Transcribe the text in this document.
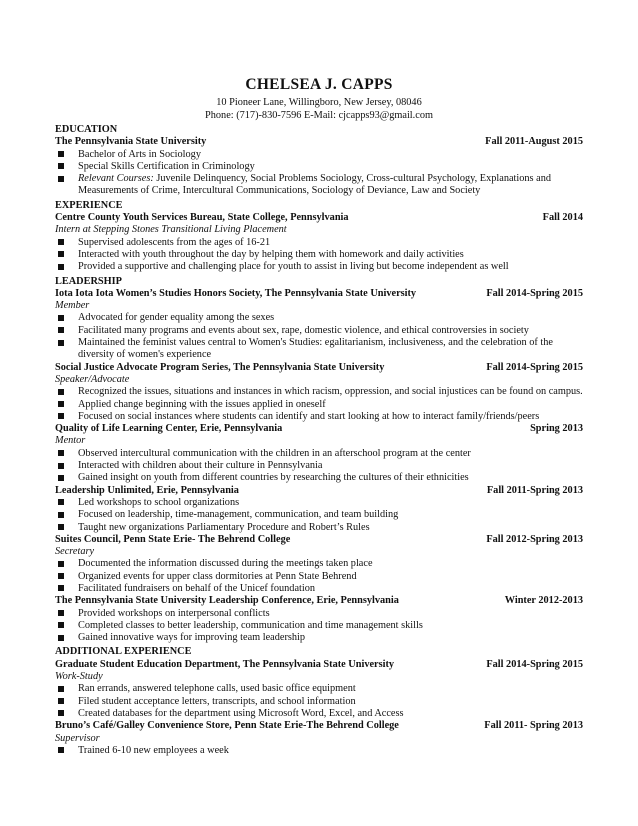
CHELSEA J. CAPPS
10 Pioneer Lane, Willingboro, New Jersey, 08046
Phone: (717)-830-7596 E-Mail: cjcapps93@gmail.com
EDUCATION
The Pennsylvania State University	Fall 2011-August 2015
Bachelor of Arts in Sociology
Special Skills Certification in Criminology
Relevant Courses: Juvenile Delinquency, Social Problems Sociology, Cross-cultural Psychology, Explanations and Measurements of Crime, Intercultural Communications, Sociology of Deviance, Law and Society
EXPERIENCE
Centre County Youth Services Bureau, State College, Pennsylvania	Fall 2014
Intern at Stepping Stones Transitional Living Placement
Supervised adolescents from the ages of 16-21
Interacted with youth throughout the day by helping them with homework and daily activities
Provided a supportive and challenging place for youth to assist in living but become independent as well
LEADERSHIP
Iota Iota Iota Women’s Studies Honors Society, The Pennsylvania State University	Fall 2014-Spring 2015
Member
Advocated for gender equality among the sexes
Facilitated many programs and events about sex, rape, domestic violence, and ethical controversies in society
Maintained the feminist values central to Women's Studies: egalitarianism, inclusiveness, and the celebration of the diversity of women's experience
Social Justice Advocate Program Series, The Pennsylvania State University	Fall 2014-Spring 2015
Speaker/Advocate
Recognized the issues, situations and instances in which racism, oppression, and social injustices can be found on campus.
Applied change beginning with the issues applied in oneself
Focused on social instances where students can identify and start looking at how to interact family/friends/peers
Quality of Life Learning Center, Erie, Pennsylvania	Spring 2013
Mentor
Observed intercultural communication with the children in an afterschool program at the center
Interacted with children about their culture in Pennsylvania
Gained insight on youth from different countries by researching the cultures of their ethnicities
Leadership Unlimited, Erie, Pennsylvania	Fall 2011-Spring 2013
Led workshops to school organizations
Focused on leadership, time-management, communication, and team building
Taught new organizations Parliamentary Procedure and Robert’s Rules
Suites Council, Penn State Erie- The Behrend College	Fall 2012-Spring 2013
Secretary
Documented the information discussed during the meetings taken place
Organized events for upper class dormitories at Penn State Behrend
Facilitated fundraisers on behalf of the Unicef foundation
The Pennsylvania State University Leadership Conference, Erie, Pennsylvania	Winter 2012-2013
Provided workshops on interpersonal conflicts
Completed classes to better leadership, communication and time management skills
Gained innovative ways for improving team leadership
ADDITIONAL EXPERIENCE
Graduate Student Education Department, The Pennsylvania State University	Fall 2014-Spring 2015
Work-Study
Ran errands, answered telephone calls, used basic office equipment
Filed student acceptance letters, transcripts, and school information
Created databases for the department using Microsoft Word, Excel, and Access
Bruno’s Café/Galley Convenience Store, Penn State Erie-The Behrend College	Fall 2011- Spring 2013
Supervisor
Trained 6-10 new employees a week
